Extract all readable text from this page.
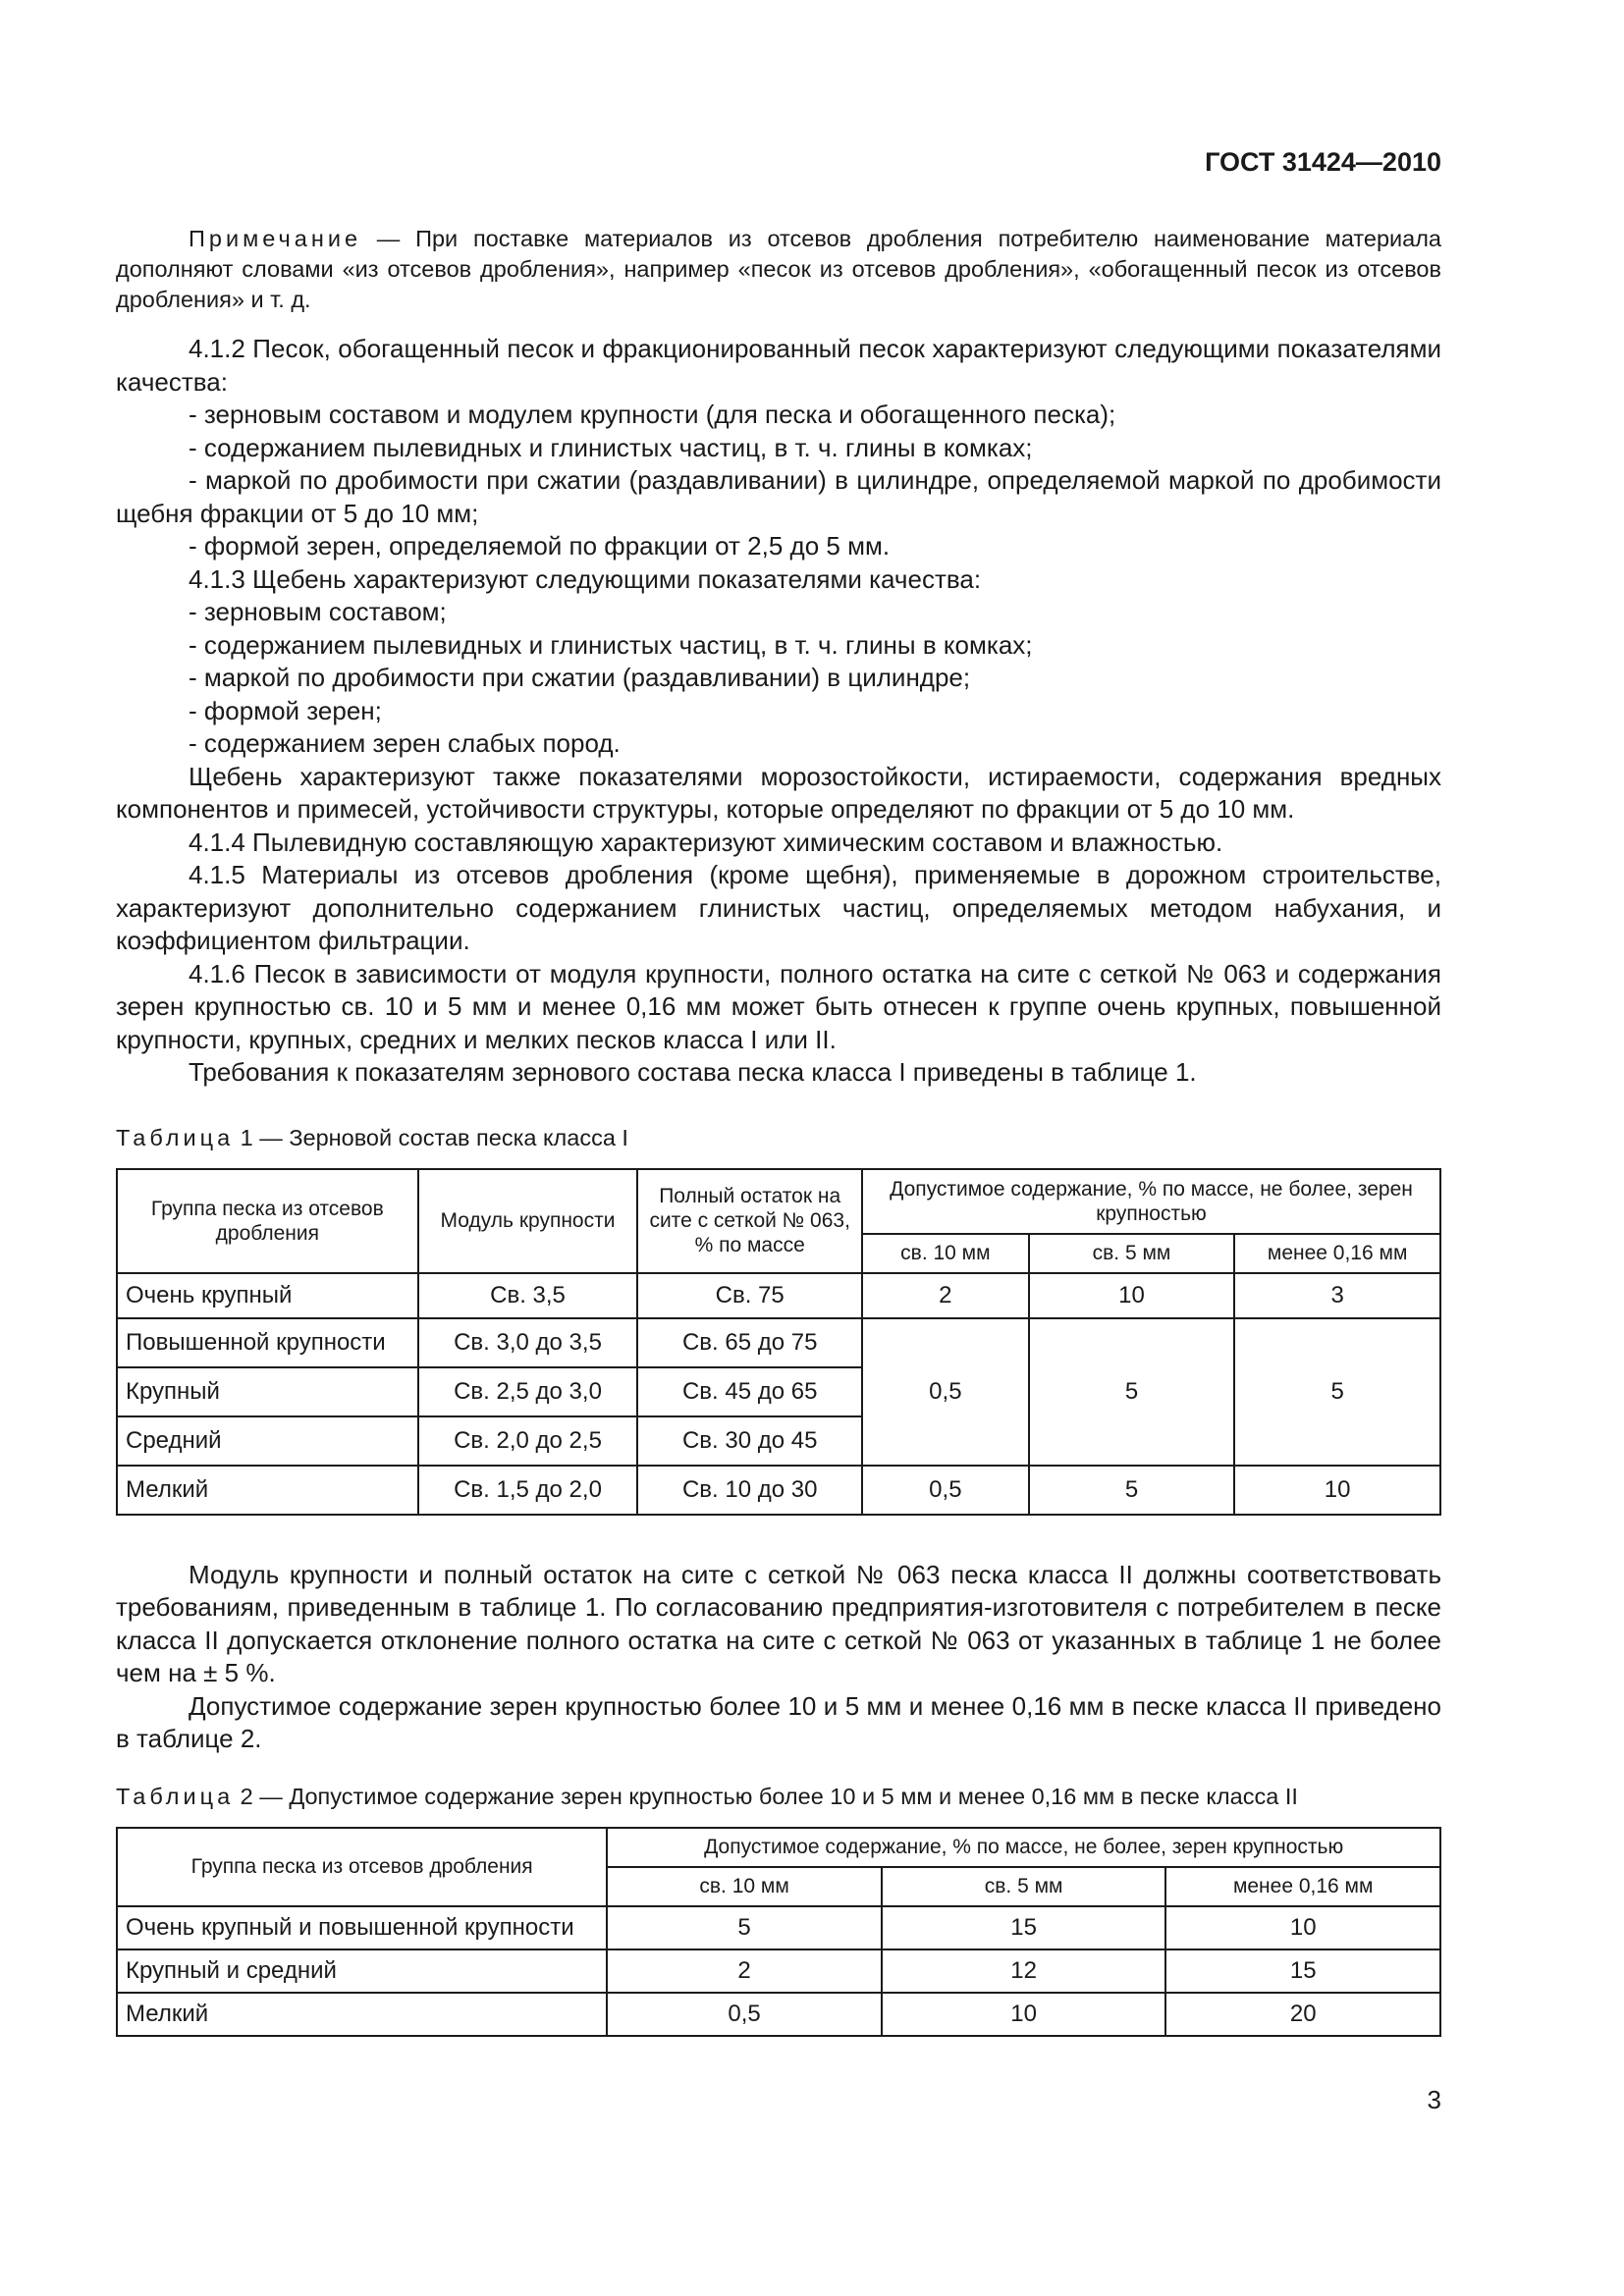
ГОСТ 31424—2010

Примечание — При поставке материалов из отсевов дробления потребителю наименование материала дополняют словами «из отсевов дробления», например «песок из отсевов дробления», «обогащенный песок из отсевов дробления» и т. д.

4.1.2 Песок, обогащенный песок и фракционированный песок характеризуют следующими показателями качества:

- зерновым составом и модулем крупности (для песка и обогащенного песка);

- содержанием пылевидных и глинистых частиц, в т. ч. глины в комках;

- маркой по дробимости при сжатии (раздавливании) в цилиндре, определяемой маркой по дробимости щебня фракции от 5 до 10 мм;

- формой зерен, определяемой по фракции от 2,5 до 5 мм.

4.1.3 Щебень характеризуют следующими показателями качества:

- зерновым составом;

- содержанием пылевидных и глинистых частиц, в т. ч. глины в комках;

- маркой по дробимости при сжатии (раздавливании) в цилиндре;

- формой зерен;

- содержанием зерен слабых пород.

Щебень характеризуют также показателями морозостойкости, истираемости, содержания вредных компонентов и примесей, устойчивости структуры, которые определяют по фракции от 5 до 10 мм.

4.1.4 Пылевидную составляющую характеризуют химическим составом и влажностью.

4.1.5 Материалы из отсевов дробления (кроме щебня), применяемые в дорожном строительстве, характеризуют дополнительно содержанием глинистых частиц, определяемых методом набухания, и коэффициентом фильтрации.

4.1.6 Песок в зависимости от модуля крупности, полного остатка на сите с сеткой № 063 и содержания зерен крупностью св. 10 и 5 мм и менее 0,16 мм может быть отнесен к группе очень крупных, повышенной крупности, крупных, средних и мелких песков класса I или II.

Требования к показателям зернового состава песка класса I приведены в таблице 1.

Таблица 1 — Зерновой состав песка класса I

Группа песка из отсевов дробления	Модуль крупности	Полный остаток на сите с сеткой № 063, % по массе	Допустимое содержание, % по массе, не более, зерен крупностью		
			св. 10 мм	св. 5 мм	менее 0,16 мм
Очень крупный	Св. 3,5	Св. 75	2	10	3
Повышенной крупности	Св. 3,0 до 3,5	Св. 65 до 75	0,5	5	5
Крупный	Св. 2,5 до 3,0	Св. 45 до 65			
Средний	Св. 2,0 до 2,5	Св. 30 до 45			
Мелкий	Св. 1,5 до 2,0	Св. 10 до 30	0,5	5	10

Модуль крупности и полный остаток на сите с сеткой № 063 песка класса II должны соответствовать требованиям, приведенным в таблице 1. По согласованию предприятия-изготовителя с потребителем в песке класса II допускается отклонение полного остатка на сите с сеткой № 063 от указанных в таблице 1 не более чем на ± 5 %.

Допустимое содержание зерен крупностью более 10 и 5 мм и менее 0,16 мм в песке класса II приведено в таблице 2.

Таблица 2 — Допустимое содержание зерен крупностью более 10 и 5 мм и менее 0,16 мм в песке класса II

Группа песка из отсевов дробления	Допустимое содержание, % по массе, не более, зерен крупностью		
	св. 10 мм	св. 5 мм	менее 0,16 мм
Очень крупный и повышенной крупности	5	15	10
Крупный и средний	2	12	15
Мелкий	0,5	10	20
3
